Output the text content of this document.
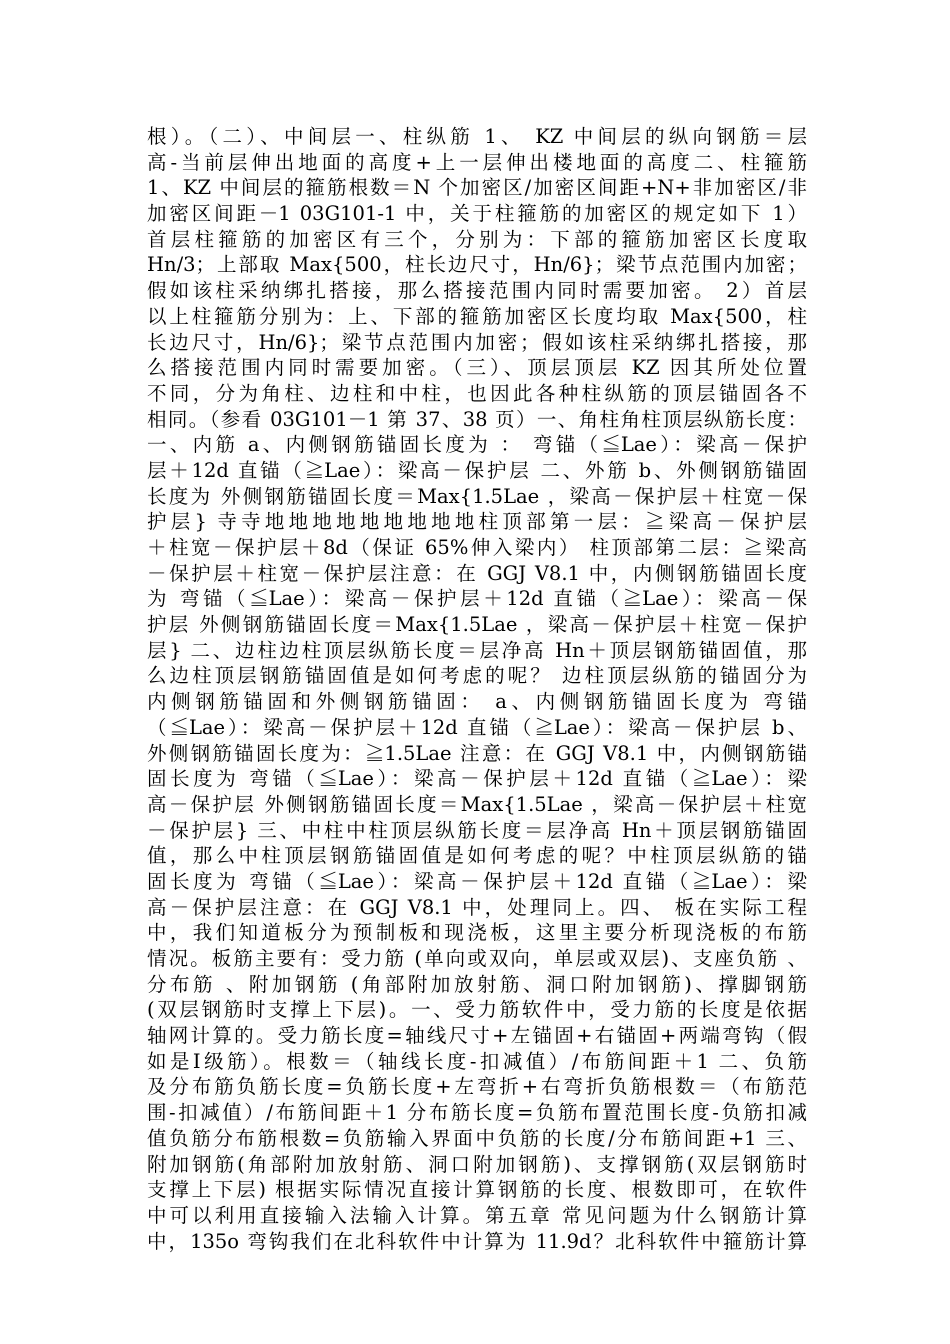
根）。（二）、中间层一、柱纵筋 1、 KZ 中间层的纵向钢筋＝层
高-当前层伸出地面的高度+上一层伸出楼地面的高度二、柱箍筋
1、KZ 中间层的箍筋根数＝N 个加密区/加密区间距+N+非加密区/非
加密区间距－1 03G101-1 中，关于柱箍筋的加密区的规定如下 1）
首层柱箍筋的加密区有三个，分别为：下部的箍筋加密区长度取
Hn/3；上部取 Max{500，柱长边尺寸，Hn/6}；梁节点范围内加密；
假如该柱采纳绑扎搭接，那么搭接范围内同时需要加密。 2）首层
以上柱箍筋分别为：上、下部的箍筋加密区长度均取 Max{500，柱
长边尺寸，Hn/6}；梁节点范围内加密；假如该柱采纳绑扎搭接，那
么搭接范围内同时需要加密。（三）、顶层顶层 KZ 因其所处位置
不同，分为角柱、边柱和中柱，也因此各种柱纵筋的顶层锚固各不
相同。（参看 03G101－1 第 37、38 页）一、角柱角柱顶层纵筋长度：
一、内筋 a、内侧钢筋锚固长度为 ： 弯锚（≦Lae）：梁高－保护
层＋12d 直锚（≧Lae）：梁高－保护层 二、外筋 b、外侧钢筋锚固
长度为 外侧钢筋锚固长度＝Max{1.5Lae ，梁高－保护层＋柱宽－保
护层} 寺寺地地地地地地地地地柱顶部第一层：≧梁高－保护层
＋柱宽－保护层＋8d（保证 65%伸入梁内） 柱顶部第二层：≧梁高
－保护层＋柱宽－保护层注意：在 GGJ V8.1 中，内侧钢筋锚固长度
为 弯锚（≦Lae）：梁高－保护层＋12d 直锚（≧Lae）：梁高－保
护层 外侧钢筋锚固长度＝Max{1.5Lae ，梁高－保护层＋柱宽－保护
层} 二、边柱边柱顶层纵筋长度＝层净高 Hn＋顶层钢筋锚固值，那
么边柱顶层钢筋锚固值是如何考虑的呢？ 边柱顶层纵筋的锚固分为
内侧钢筋锚固和外侧钢筋锚固： a、内侧钢筋锚固长度为 弯锚
（≦Lae）：梁高－保护层＋12d 直锚（≧Lae）：梁高－保护层 b、
外侧钢筋锚固长度为：≧1.5Lae 注意：在 GGJ V8.1 中，内侧钢筋锚
固长度为 弯锚（≦Lae）：梁高－保护层＋12d 直锚（≧Lae）：梁
高－保护层 外侧钢筋锚固长度＝Max{1.5Lae ，梁高－保护层＋柱宽
－保护层} 三、中柱中柱顶层纵筋长度＝层净高 Hn＋顶层钢筋锚固
值，那么中柱顶层钢筋锚固值是如何考虑的呢？中柱顶层纵筋的锚
固长度为 弯锚（≦Lae）：梁高－保护层＋12d 直锚（≧Lae）：梁
高－保护层注意：在 GGJ V8.1 中，处理同上。四、 板在实际工程
中，我们知道板分为预制板和现浇板，这里主要分析现浇板的布筋
情况。板筋主要有：受力筋 (单向或双向，单层或双层)、支座负筋 、
分布筋 、附加钢筋 (角部附加放射筋、洞口附加钢筋)、撑脚钢筋
(双层钢筋时支撑上下层)。一、受力筋软件中，受力筋的长度是依据
轴网计算的。受力筋长度=轴线尺寸+左锚固+右锚固+两端弯钩（假
如是Ⅰ级筋）。根数＝（轴线长度-扣减值）/布筋间距＋1 二、负筋
及分布筋负筋长度=负筋长度+左弯折+右弯折负筋根数＝（布筋范
围-扣减值）/布筋间距＋1 分布筋长度=负筋布置范围长度-负筋扣减
值负筋分布筋根数=负筋输入界面中负筋的长度/分布筋间距+1 三、
附加钢筋(角部附加放射筋、洞口附加钢筋)、支撑钢筋(双层钢筋时
支撑上下层) 根据实际情况直接计算钢筋的长度、根数即可，在软件
中可以利用直接输入法输入计算。第五章 常见问题为什么钢筋计算
中，135o 弯钩我们在北科软件中计算为 11.9d？北科软件中箍筋计算
